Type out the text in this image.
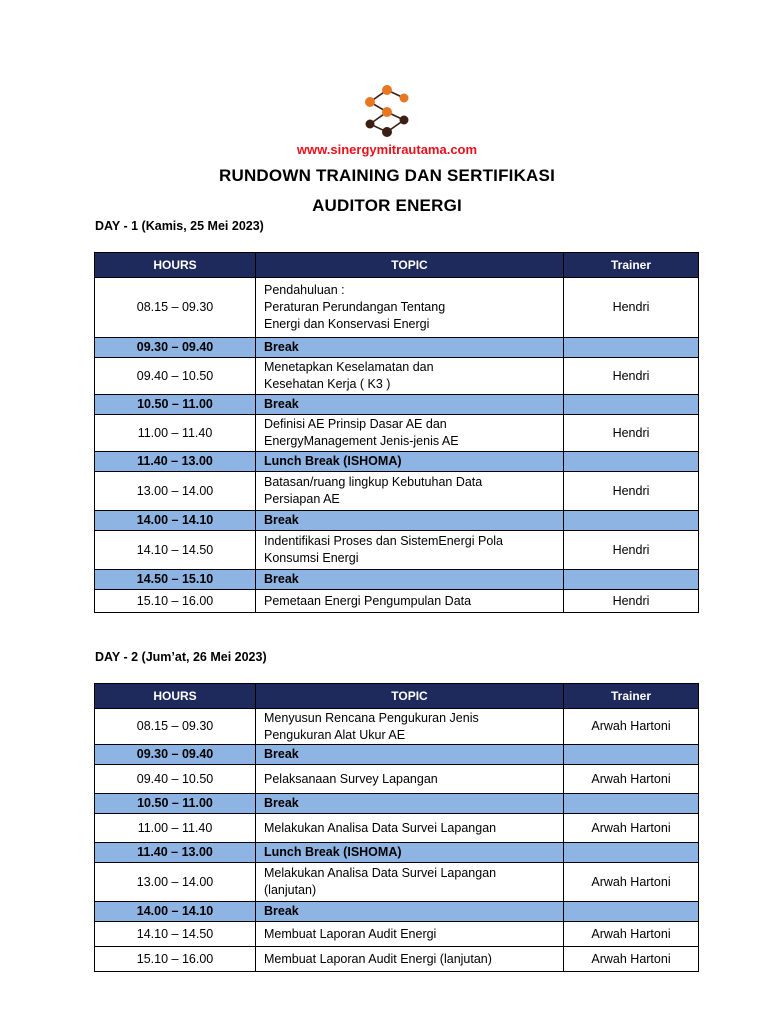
www.sinergymitrautama.com
RUNDOWN TRAINING DAN SERTIFIKASI
AUDITOR ENERGI
DAY - 1 (Kamis, 25 Mei 2023)
HOURS	TOPIC	Trainer
08.15 – 09.30	Pendahuluan :
Peraturan Perundangan Tentang
Energi dan Konservasi Energi	Hendri
09.30 – 09.40	Break	
09.40 – 10.50	Menetapkan Keselamatan dan
Kesehatan Kerja ( K3 )	Hendri
10.50 – 11.00	Break	
11.00 – 11.40	Definisi AE Prinsip Dasar AE dan
EnergyManagement Jenis-jenis AE	Hendri
11.40 – 13.00	Lunch Break (ISHOMA)	
13.00 – 14.00	Batasan/ruang lingkup Kebutuhan Data
Persiapan AE	Hendri
14.00 – 14.10	Break	
14.10 – 14.50	Indentifikasi Proses dan SistemEnergi Pola
Konsumsi Energi	Hendri
14.50 – 15.10	Break	
15.10 – 16.00	Pemetaan Energi Pengumpulan Data	Hendri
DAY - 2 (Jum’at, 26 Mei 2023)
HOURS	TOPIC	Trainer
08.15 – 09.30	Menyusun Rencana Pengukuran Jenis
Pengukuran Alat Ukur AE	Arwah Hartoni
09.30 – 09.40	Break	
09.40 – 10.50	Pelaksanaan Survey Lapangan	Arwah Hartoni
10.50 – 11.00	Break	
11.00 – 11.40	Melakukan Analisa Data Survei Lapangan	Arwah Hartoni
11.40 – 13.00	Lunch Break (ISHOMA)	
13.00 – 14.00	Melakukan Analisa Data Survei Lapangan
(lanjutan)	Arwah Hartoni
14.00 – 14.10	Break	
14.10 – 14.50	Membuat Laporan Audit Energi	Arwah Hartoni
15.10 – 16.00	Membuat Laporan Audit Energi (lanjutan)	Arwah Hartoni
